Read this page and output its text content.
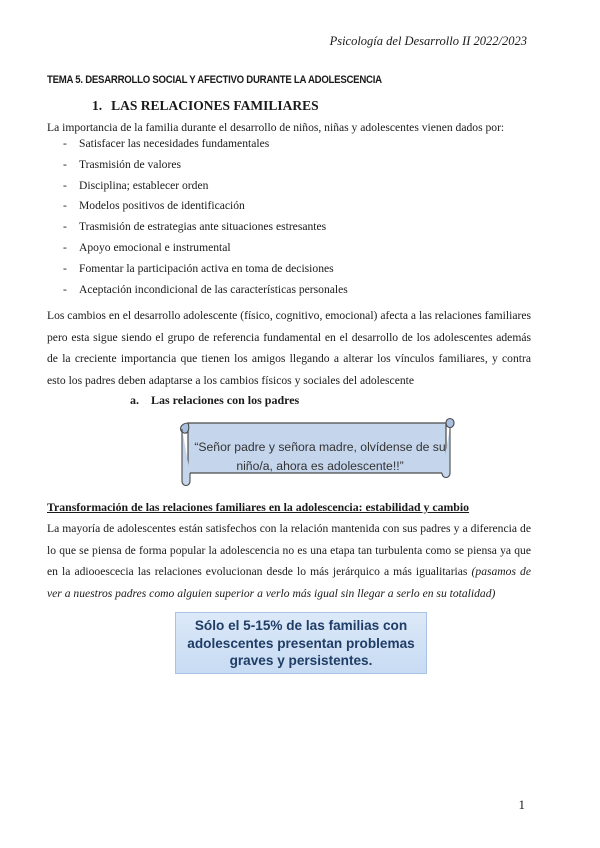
Psicología del Desarrollo II 2022/2023
TEMA 5. DESARROLLO SOCIAL Y AFECTIVO DURANTE LA ADOLESCENCIA
1. LAS RELACIONES FAMILIARES
La importancia de la familia durante el desarrollo de niños, niñas y adolescentes vienen dados por:
- Satisfacer las necesidades fundamentales
- Trasmisión de valores
- Disciplina; establecer orden
- Modelos positivos de identificación
- Trasmisión de estrategias ante situaciones estresantes
- Apoyo emocional e instrumental
- Fomentar la participación activa en toma de decisiones
- Aceptación incondicional de las características personales

Los cambios en el desarrollo adolescente (físico, cognitivo, emocional) afecta a las relaciones familiares pero esta sigue siendo el grupo de referencia fundamental en el desarrollo de los adolescentes además de la creciente importancia que tienen los amigos llegando a alterar los vínculos familiares, y contra esto los padres deben adaptarse a los cambios físicos y sociales del adolescente

a. Las relaciones con los padres
“Señor padre y señora madre, olvídense de su niño/a, ahora es adolescente!!”
Transformación de las relaciones familiares en la adolescencia: estabilidad y cambio

La mayoría de adolescentes están satisfechos con la relación mantenida con sus padres y a diferencia de lo que se piensa de forma popular la adolescencia no es una etapa tan turbulenta como se piensa ya que en la adiooescecia las relaciones evolucionan desde lo más jerárquico a más igualitarias (pasamos de ver a nuestros padres como alguien superior a verlo más igual sin llegar a serlo en su totalidad)

Sólo el 5-15% de las familias con adolescentes presentan problemas graves y persistentes.
1
